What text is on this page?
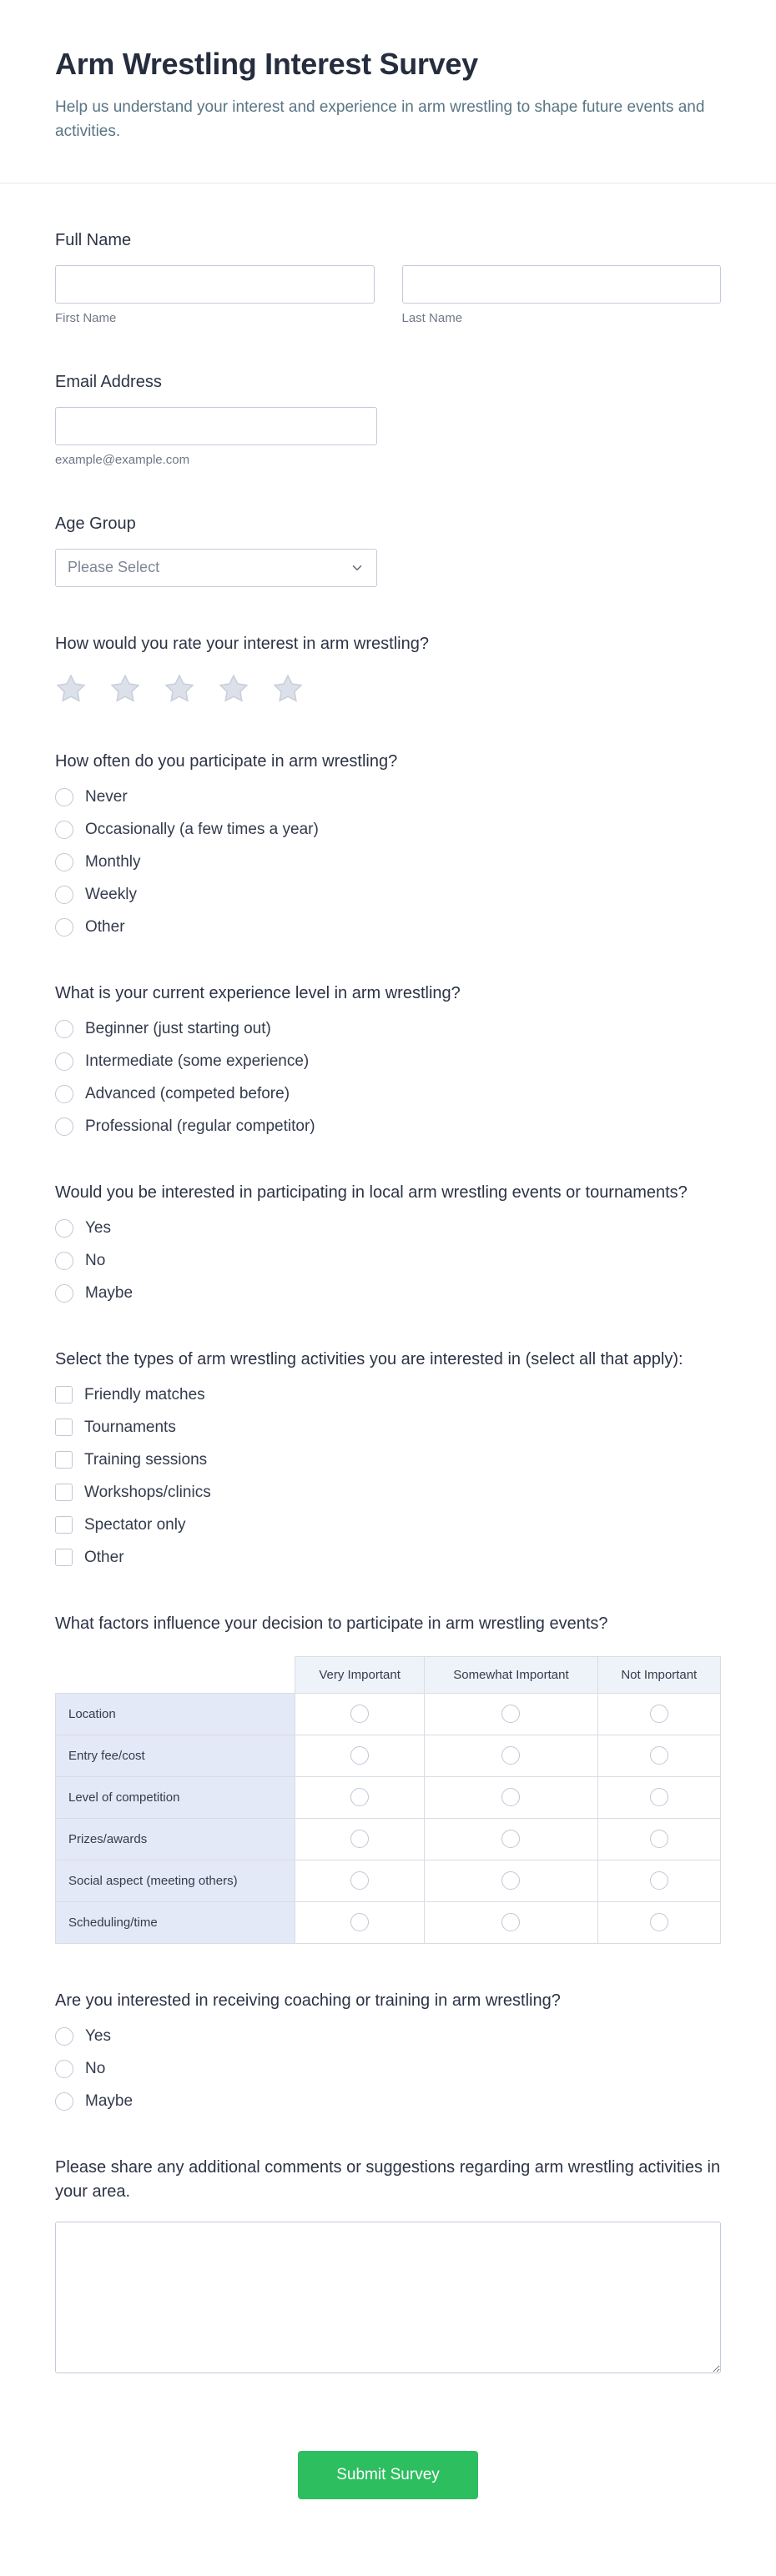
Arm Wrestling Interest Survey

Help us understand your interest and experience in arm wrestling to shape future events and activities.

Full Name
First Name	Last Name
Email Address
example@example.com
Age Group
Please Select
How would you rate your interest in arm wrestling?
How often do you participate in arm wrestling?
Never
Occasionally (a few times a year)
Monthly
Weekly
Other
What is your current experience level in arm wrestling?
Beginner (just starting out)
Intermediate (some experience)
Advanced (competed before)
Professional (regular competitor)
Would you be interested in participating in local arm wrestling events or tournaments?
Yes
No
Maybe
Select the types of arm wrestling activities you are interested in (select all that apply):
Friendly matches
Tournaments
Training sessions
Workshops/clinics
Spectator only
Other
What factors influence your decision to participate in arm wrestling events?
	Very Important	Somewhat Important	Not Important
Location			
Entry fee/cost			
Level of competition			
Prizes/awards			
Social aspect (meeting others)			
Scheduling/time			
Are you interested in receiving coaching or training in arm wrestling?
Yes
No
Maybe
Please share any additional comments or suggestions regarding arm wrestling activities in your area.
Submit Survey
